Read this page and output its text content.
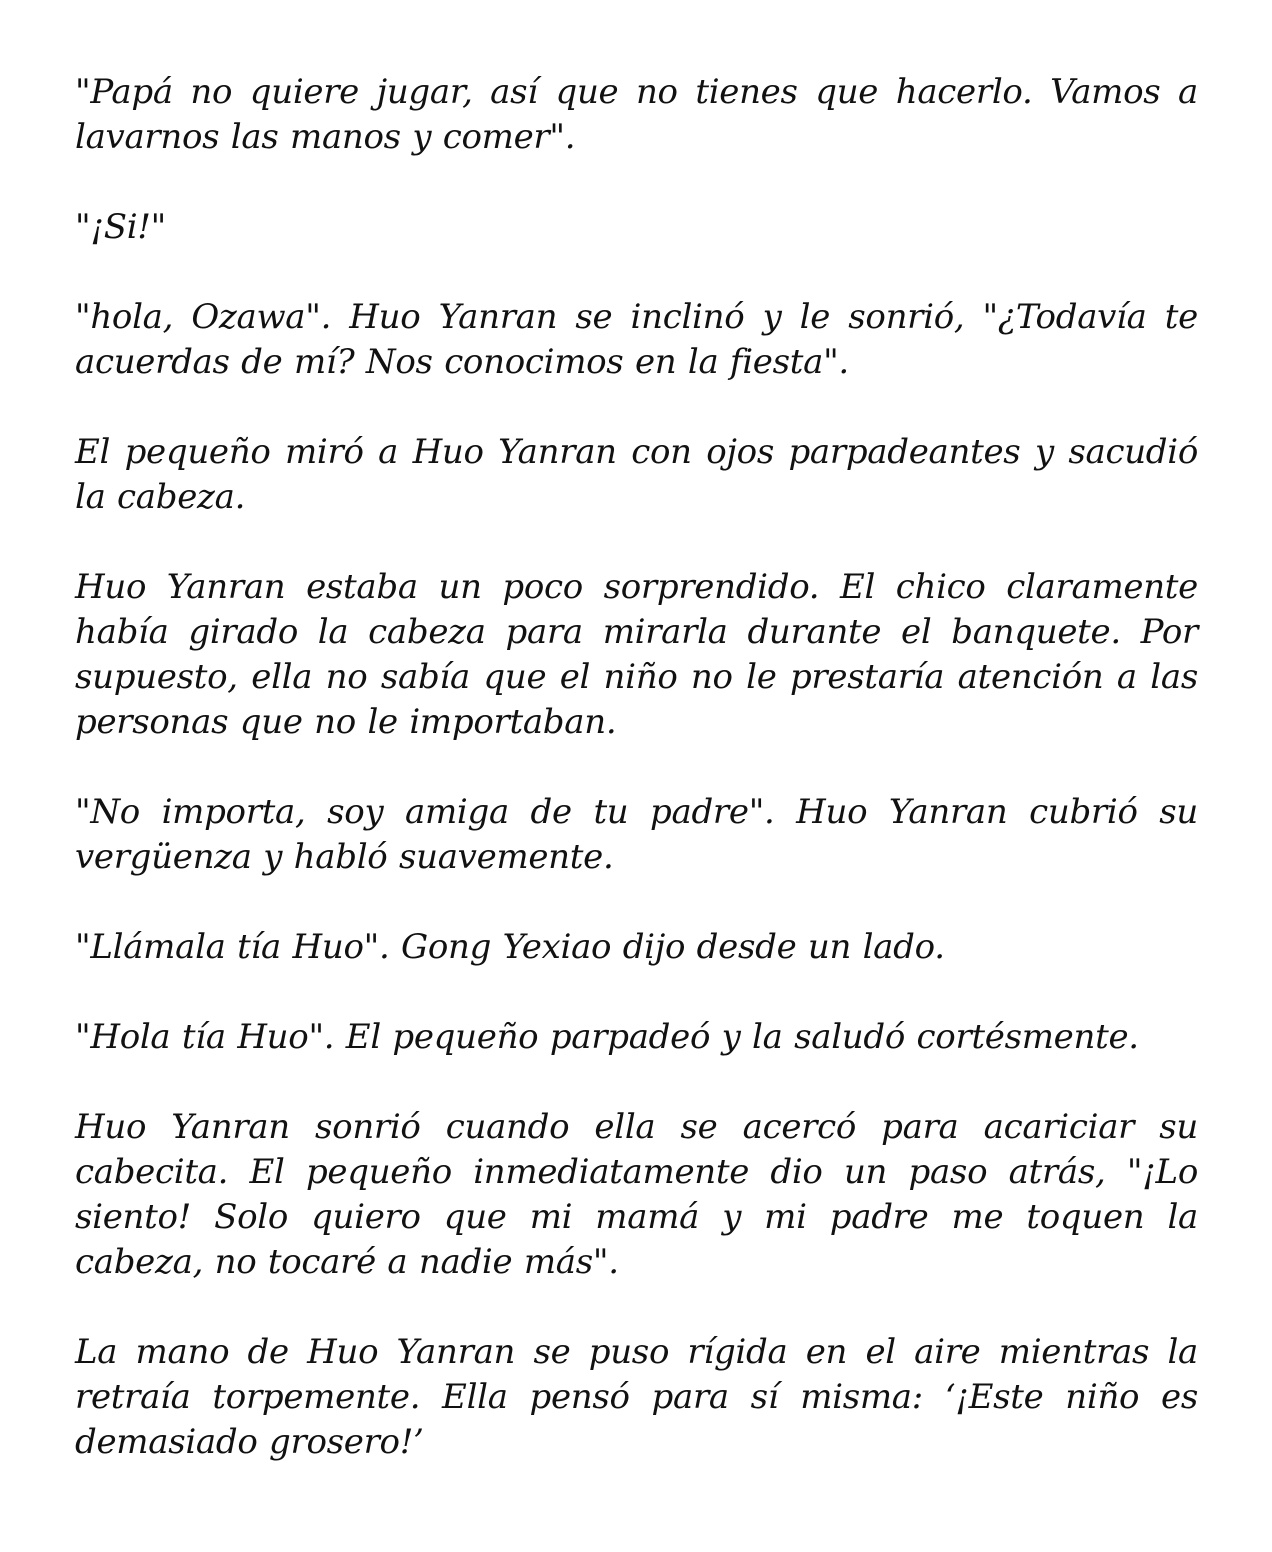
"Papá no quiere jugar, así que no tienes que hacerlo. Vamos a lavarnos las manos y comer".

"¡Si!"

"hola, Ozawa". Huo Yanran se inclinó y le sonrió, "¿Todavía te acuerdas de mí? Nos conocimos en la fiesta".

El pequeño miró a Huo Yanran con ojos parpadeantes y sacudió la cabeza.

Huo Yanran estaba un poco sorprendido. El chico claramente había girado la cabeza para mirarla durante el banquete. Por supuesto, ella no sabía que el niño no le prestaría atención a las personas que no le importaban.

"No importa, soy amiga de tu padre". Huo Yanran cubrió su vergüenza y habló suavemente.

"Llámala tía Huo". Gong Yexiao dijo desde un lado.

"Hola tía Huo". El pequeño parpadeó y la saludó cortésmente.

Huo Yanran sonrió cuando ella se acercó para acariciar su cabecita. El pequeño inmediatamente dio un paso atrás, "¡Lo siento! Solo quiero que mi mamá y mi padre me toquen la cabeza, no tocaré a nadie más".

La mano de Huo Yanran se puso rígida en el aire mientras la retraía torpemente. Ella pensó para sí misma: ‘¡Este niño es demasiado grosero!’
